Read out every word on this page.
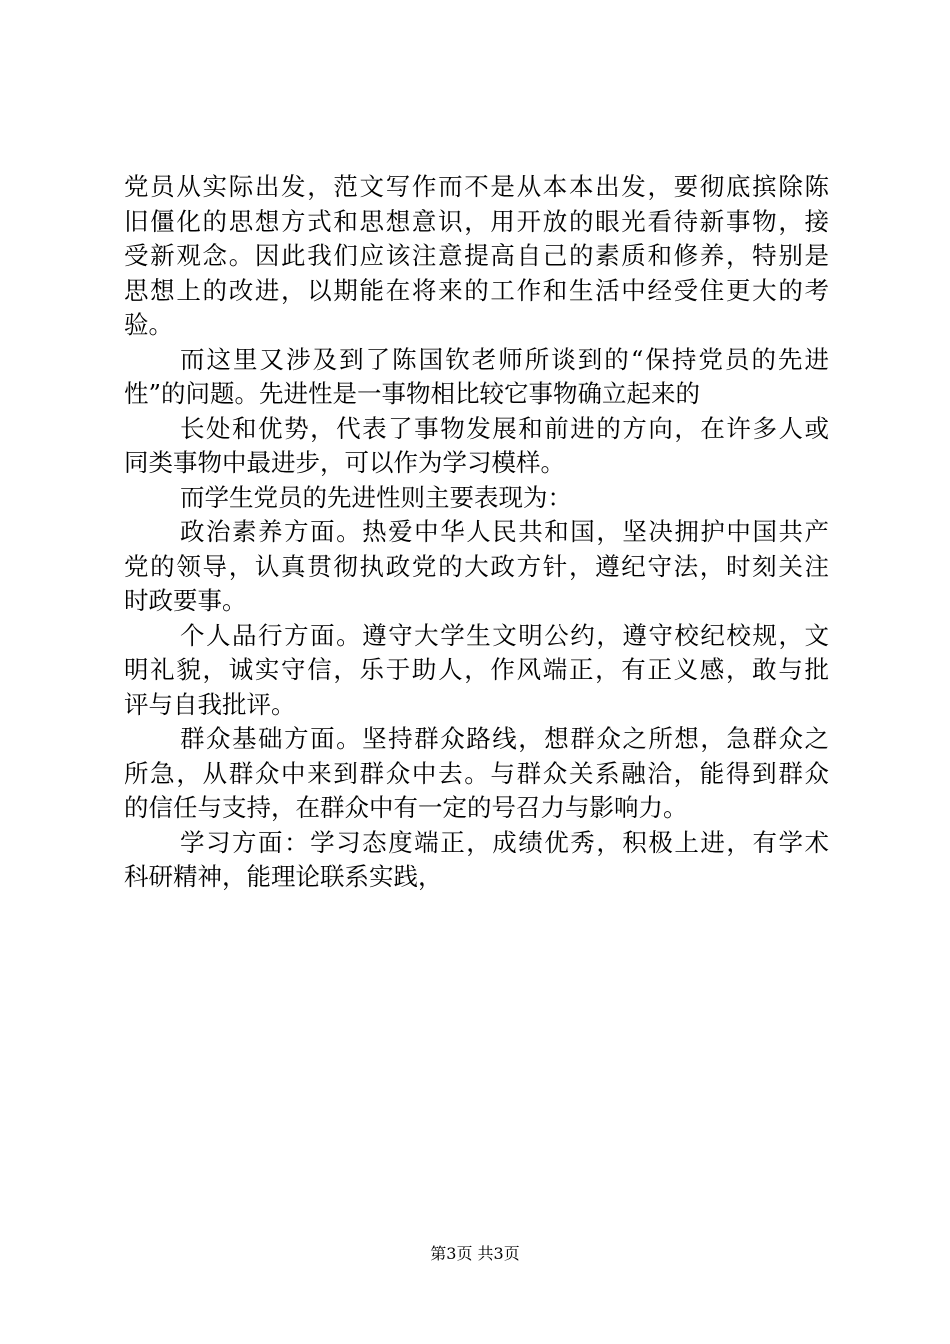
党员从实际出发，范文写作而不是从本本出发，要彻底摈除陈
旧僵化的思想方式和思想意识，用开放的眼光看待新事物，接
受新观念。因此我们应该注意提高自己的素质和修养，特别是
思想上的改进，以期能在将来的工作和生活中经受住更大的考
验。
而这里又涉及到了陈国钦老师所谈到的“保持党员的先进
性”的问题。先进性是一事物相比较它事物确立起来的
长处和优势，代表了事物发展和前进的方向，在许多人或
同类事物中最进步，可以作为学习模样。
而学生党员的先进性则主要表现为：
政治素养方面。热爱中华人民共和国，坚决拥护中国共产
党的领导，认真贯彻执政党的大政方针，遵纪守法，时刻关注
时政要事。
个人品行方面。遵守大学生文明公约，遵守校纪校规，文
明礼貌，诚实守信，乐于助人，作风端正，有正义感，敢与批
评与自我批评。
群众基础方面。坚持群众路线，想群众之所想，急群众之
所急，从群众中来到群众中去。与群众关系融洽，能得到群众
的信任与支持，在群众中有一定的号召力与影响力。
学习方面：学习态度端正，成绩优秀，积极上进，有学术
科研精神，能理论联系实践，
第3页 共3页
